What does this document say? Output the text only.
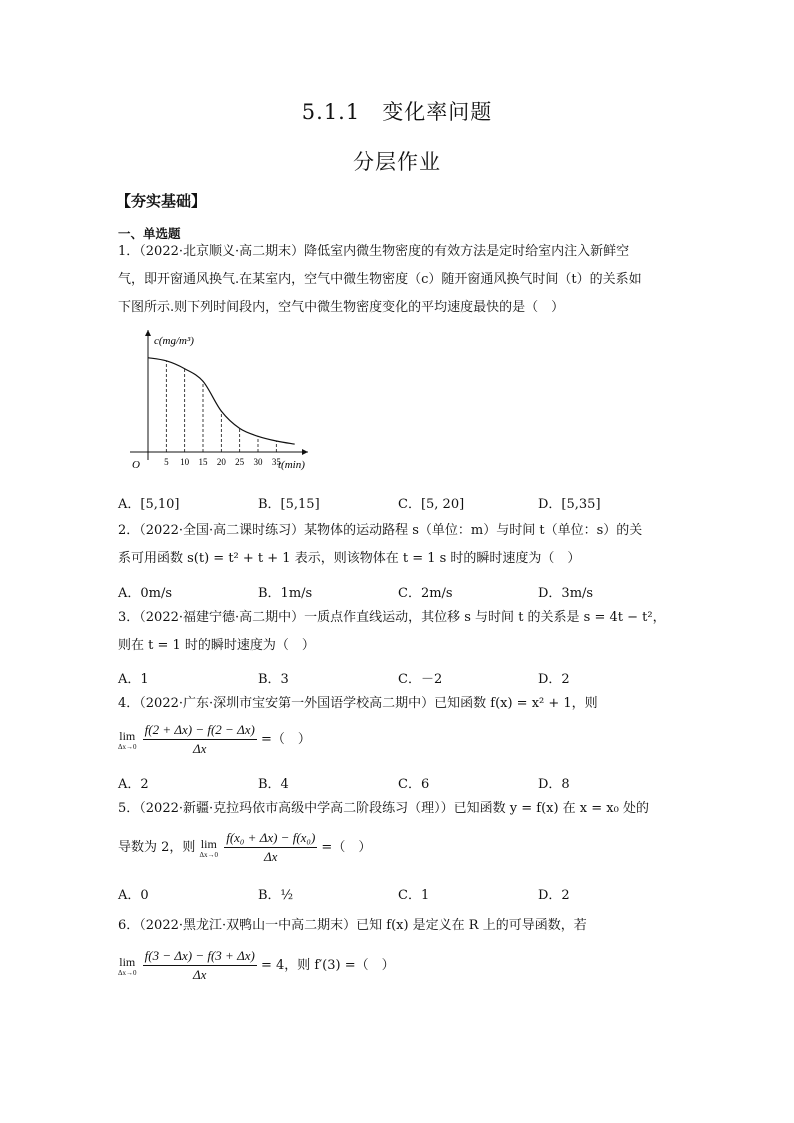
5.1.1　变化率问题
分层作业
【夯实基础】
一、单选题
1．（2022·北京顺义·高二期末）降低室内微生物密度的有效方法是定时给室内注入新鲜空
气，即开窗通风换气.在某室内，空气中微生物密度（c）随开窗通风换气时间（t）的关系如
下图所示.则下列时间段内，空气中微生物密度变化的平均速度最快的是（　）
5 10 15 20 25 30 35
c(mg/m³)
t(min)
O
A．[5,10]	B．[5,15]	C．[5, 20]	D．[5,35]
2．（2022·全国·高二课时练习）某物体的运动路程 s（单位：m）与时间 t（单位：s）的关
系可用函数 s(t) = t² + t + 1 表示，则该物体在 t = 1 s 时的瞬时速度为（　）
A．0m/s	B．1m/s	C．2m/s	D．3m/s
3．（2022·福建宁德·高二期中）一质点作直线运动，其位移 s 与时间 t 的关系是 s = 4t − t²，
则在 t = 1 时的瞬时速度为（　）
A．1	B．3	C．－2	D．2
4．（2022·广东·深圳市宝安第一外国语学校高二期中）已知函数 f(x) = x² + 1，则
lim
Δx→0
$\frac{f(2 + \Delta x) - f(2 - \Delta x)}{\Delta x}$ =（　）
A．2	B．4	C．6	D．8
5．（2022·新疆·克拉玛依市高级中学高二阶段练习（理））已知函数 y = f(x) 在 x = x₀ 处的
导数为 2，则 lim
Δx→0
$\frac{\text{f(x₀ + Δx) − f(x₀)}}{\Delta x}$ =（　）
A．0	B．½	C．1	D．2
6．（2022·黑龙江·双鸭山一中高二期末）已知 f(x) 是定义在 R 上的可导函数，若
lim
Δx→0
$\frac{f(3 - \Delta x) - f(3 + \Delta x)}{\Delta x} = 4$，则 f′(3) =（　）
